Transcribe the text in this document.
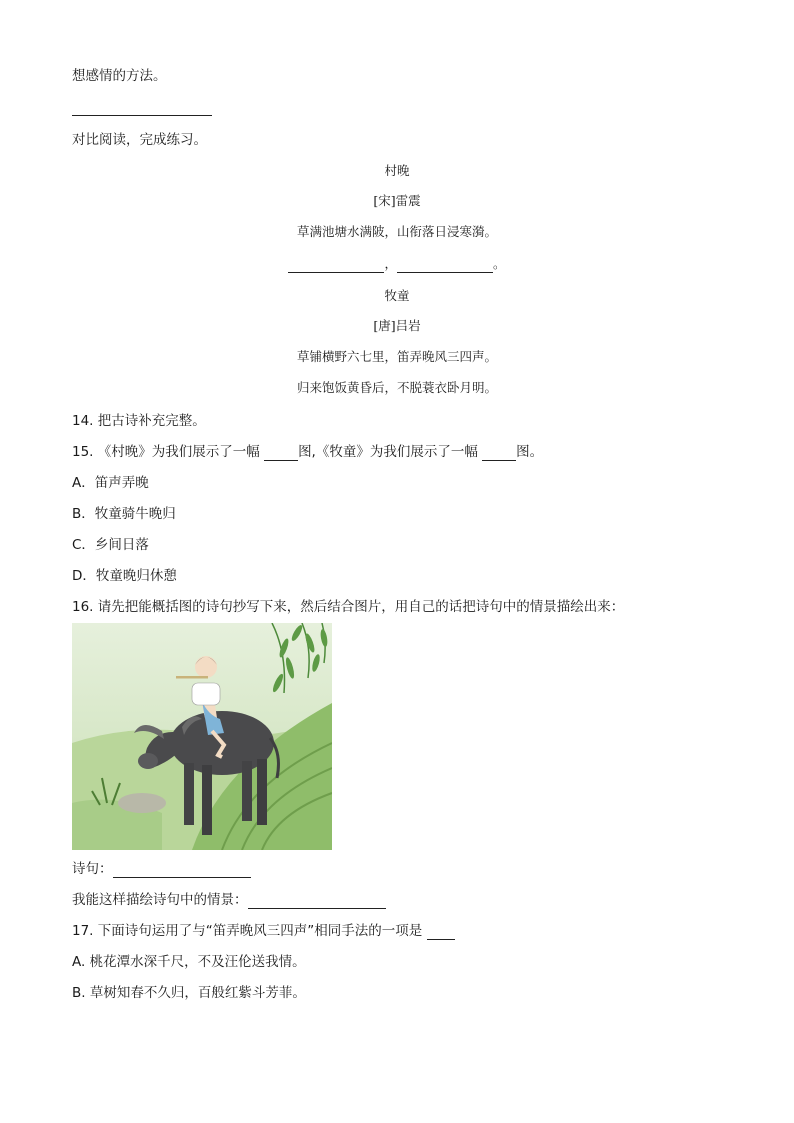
想感情的方法。
对比阅读，完成练习。
村晚
[宋]雷震
草满池塘水满陂，山衔落日浸寒漪。
，	。
牧童
[唐]吕岩
草铺横野六七里，笛弄晚风三四声。
归来饱饭黄昏后，不脱蓑衣卧月明。
14. 把古诗补充完整。
15. 《村晚》为我们展示了一幅	图,《牧童》为我们展示了一幅	图。
A．笛声弄晚
B．牧童骑牛晚归
C．乡间日落
D．牧童晚归休憩
16. 请先把能概括图的诗句抄写下来，然后结合图片，用自己的话把诗句中的情景描绘出来：
诗句：
我能这样描绘诗句中的情景：
17. 下面诗句运用了与“笛弄晚风三四声”相同手法的一项是
A. 桃花潭水深千尺，不及汪伦送我情。
B. 草树知春不久归，百般红紫斗芳菲。
